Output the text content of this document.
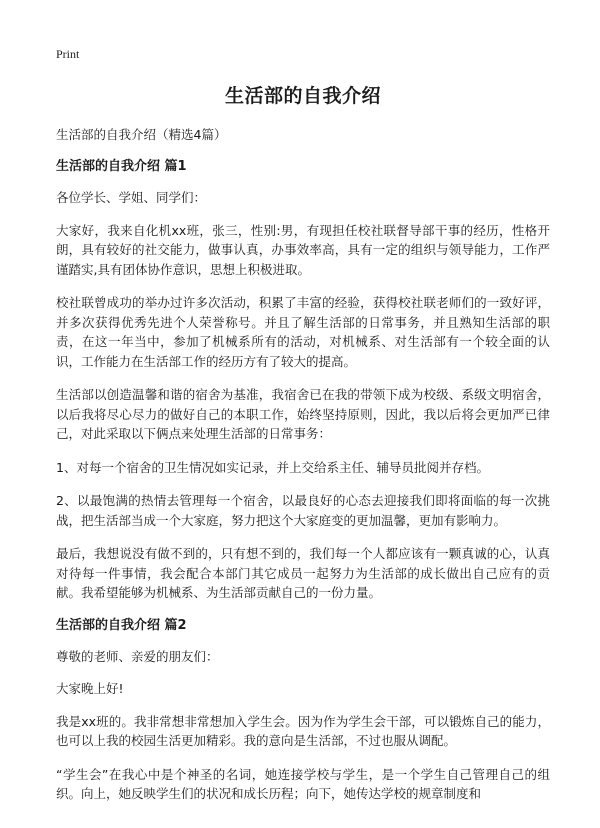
Print
生活部的自我介绍
生活部的自我介绍（精选4篇）
生活部的自我介绍 篇1

各位学长、学姐、同学们：

大家好，我来自化机xx班，张三，性别:男，有现担任校社联督导部干事的经历，性格开朗，具有较好的社交能力，做事认真，办事效率高，具有一定的组织与领导能力，工作严谨踏实,具有团体协作意识，思想上积极进取。

校社联曾成功的举办过许多次活动，积累了丰富的经验，获得校社联老师们的一致好评，并多次获得优秀先进个人荣誉称号。并且了解生活部的日常事务，并且熟知生活部的职责，在这一年当中，参加了机械系所有的活动，对机械系、对生活部有一个较全面的认识，工作能力在生活部工作的经历方有了较大的提高。

生活部以创造温馨和谐的宿舍为基准，我宿舍已在我的带领下成为校级、系级文明宿舍，以后我将尽心尽力的做好自己的本职工作，始终坚持原则，因此，我以后将会更加严已律己，对此采取以下俩点来处理生活部的日常事务：

1、对每一个宿舍的卫生情况如实记录，并上交给系主任、辅导员批阅并存档。

2、以最饱满的热情去管理每一个宿舍，以最良好的心态去迎接我们即将面临的每一次挑战，把生活部当成一个大家庭，努力把这个大家庭变的更加温馨，更加有影响力。

最后，我想说没有做不到的，只有想不到的，我们每一个人都应该有一颗真诚的心，认真对待每一件事情，我会配合本部门其它成员一起努力为生活部的成长做出自己应有的贡献。我希望能够为机械系、为生活部贡献自己的一份力量。

生活部的自我介绍 篇2

尊敬的老师、亲爱的朋友们：

大家晚上好!

我是xx班的。我非常想非常想加入学生会。因为作为学生会干部，可以锻炼自己的能力，也可以上我的校园生活更加精彩。我的意向是生活部，不过也服从调配。

“学生会”在我心中是个神圣的名词，她连接学校与学生，是一个学生自己管理自己的组织。向上，她反映学生们的状况和成长历程；向下，她传达学校的规章制度和
